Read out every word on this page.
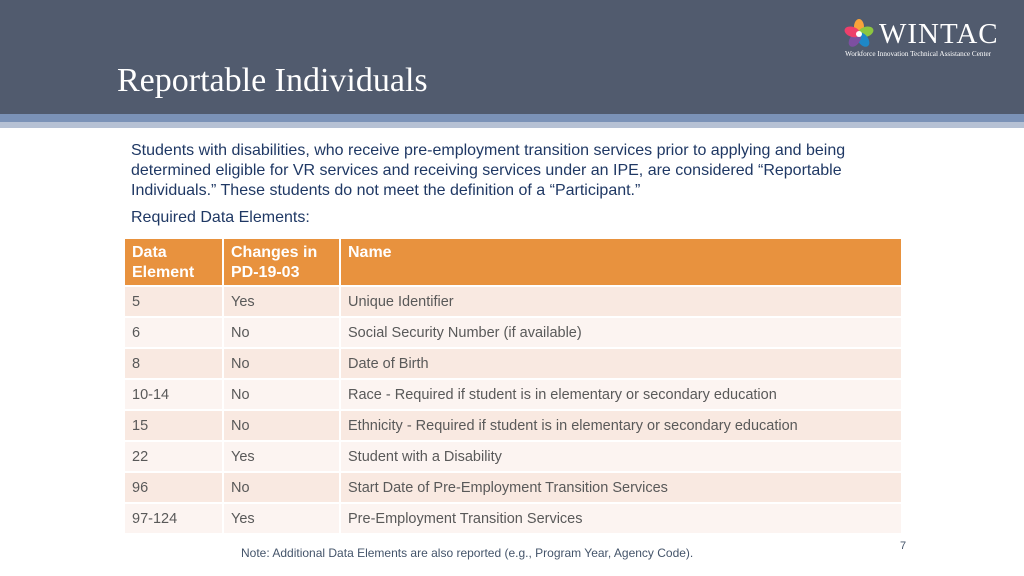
Reportable Individuals
WINTAC
Workforce Innovation Technical Assistance Center

Students with disabilities, who receive pre-employment transition services prior to applying and being determined eligible for VR services and receiving services under an IPE, are considered “Reportable Individuals.” These students do not meet the definition of a “Participant.”

Required Data Elements:

Data Element	Changes in PD-19-03	Name
5	Yes	Unique Identifier
6	No	Social Security Number (if available)
8	No	Date of Birth
10-14	No	Race - Required if student is in elementary or secondary education
15	No	Ethnicity - Required if student is in elementary or secondary education
22	Yes	Student with a Disability
96	No	Start Date of Pre-Employment Transition Services
97-124	Yes	Pre-Employment Transition Services
Note: Additional Data Elements are also reported (e.g., Program Year, Agency Code).	7
